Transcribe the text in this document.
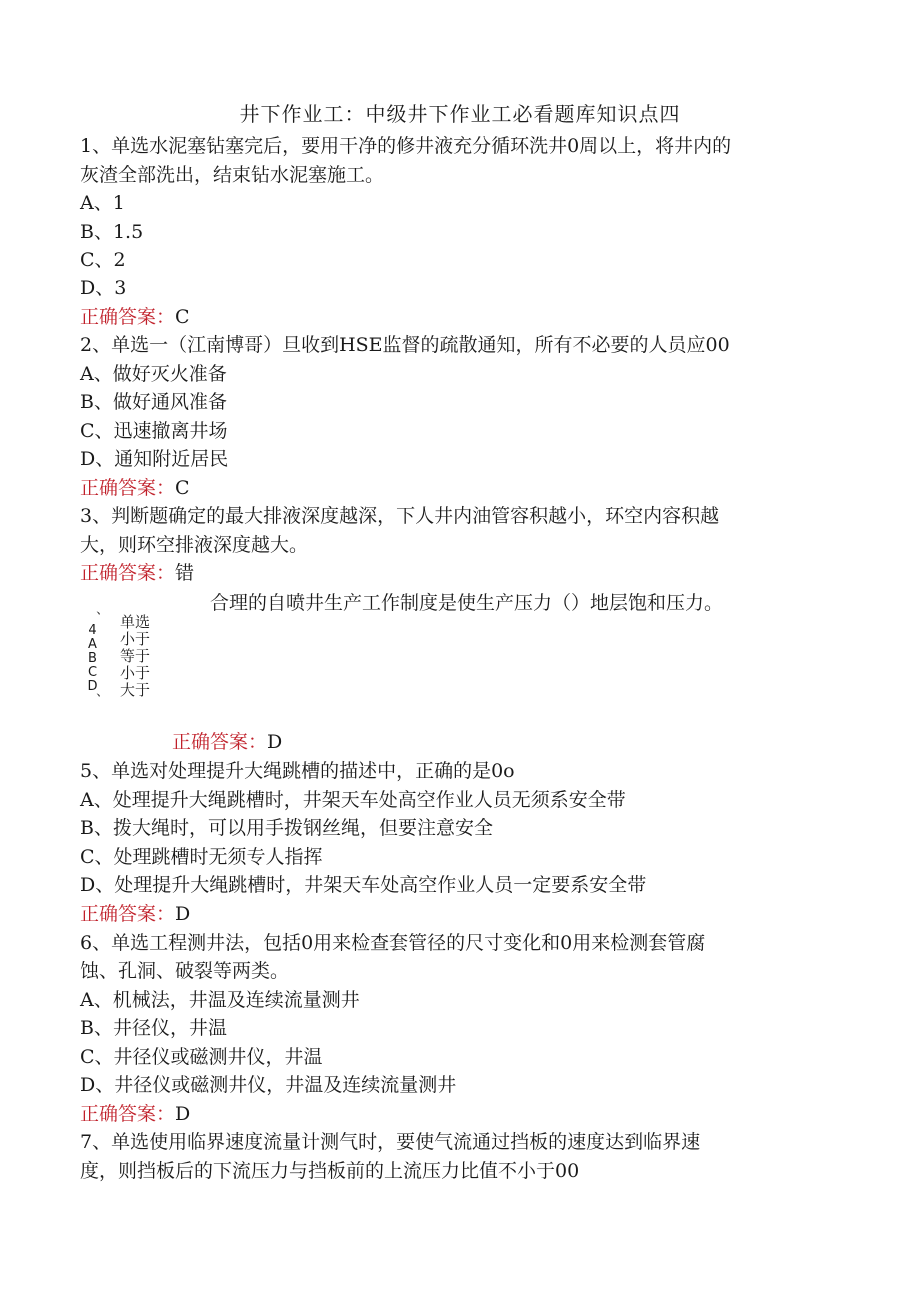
井下作业工：中级井下作业工必看题库知识点四
1、单选水泥塞钻塞完后，要用干净的修井液充分循环洗井0周以上，将井内的
灰渣全部洗出，结束钻水泥塞施工。
A、1
B、1.5
C、2
D、3
正确答案：C
2、单选一（江南博哥）旦收到HSE监督的疏散通知，所有不必要的人员应00
A、做好灭火准备
B、做好通风准备
C、迅速撤离井场
D、通知附近居民
正确答案：C
3、判断题确定的最大排液深度越深，下人井内油管容积越小，环空内容积越
大，则环空排液深度越大。
正确答案：错
合理的自喷井生产工作制度是使生产压力（）地层饱和压力。
、4ABCD、 单选
小于
等于
小于
大于
正确答案：D
5、单选对处理提升大绳跳槽的描述中，正确的是0o
A、处理提升大绳跳槽时，井架天车处高空作业人员无须系安全带
B、拨大绳时，可以用手拨钢丝绳，但要注意安全
C、处理跳槽时无须专人指挥
D、处理提升大绳跳槽时，井架天车处高空作业人员一定要系安全带
正确答案：D
6、单选工程测井法，包括0用来检查套管径的尺寸变化和0用来检测套管腐
蚀、孔洞、破裂等两类。
A、机械法，井温及连续流量测井
B、井径仪，井温
C、井径仪或磁测井仪，井温
D、井径仪或磁测井仪，井温及连续流量测井
正确答案：D
7、单选使用临界速度流量计测气时，要使气流通过挡板的速度达到临界速
度，则挡板后的下流压力与挡板前的上流压力比值不小于00
